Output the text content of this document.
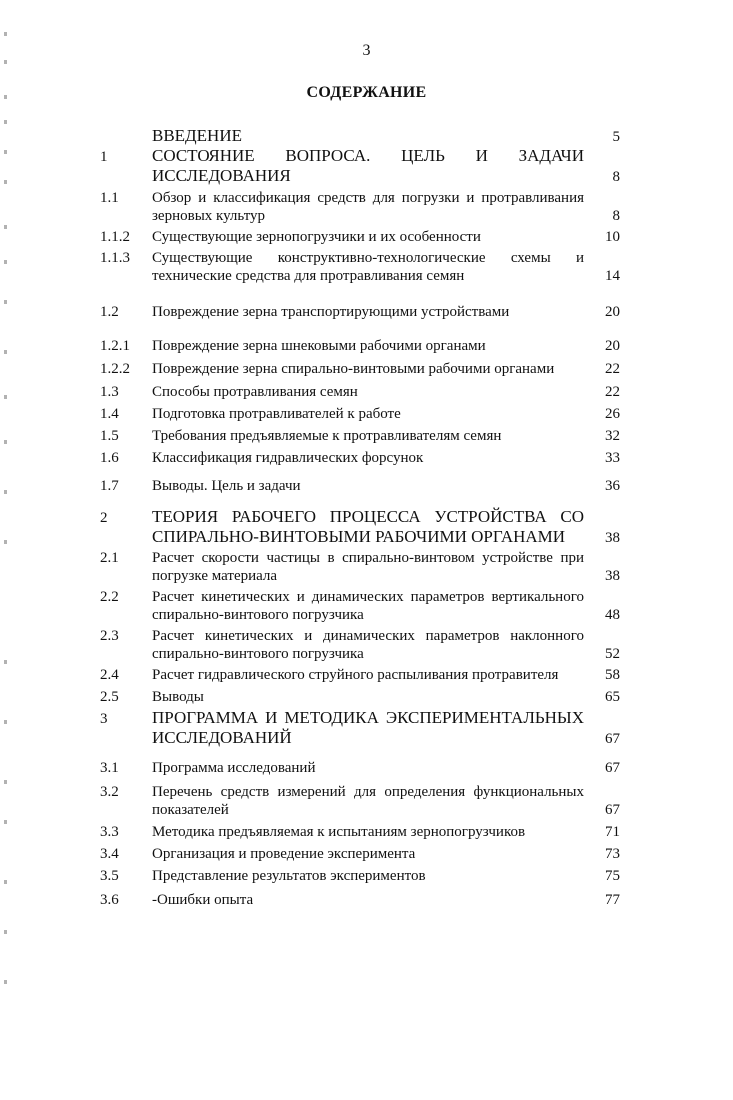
3
СОДЕРЖАНИЕ
ВВЕДЕНИЕ	5
1	СОСТОЯНИЕ ВОПРОСА. ЦЕЛЬ И ЗАДАЧИ ИССЛЕДОВАНИЯ	8
1.1	Обзор и классификация средств для погрузки и протравливания зерновых культур	8
1.1.2	Существующие зернопогрузчики и их особенности	10
1.1.3	Существующие конструктивно-технологические схемы и технические средства для протравливания семян	14
1.2	Повреждение зерна транспортирующими устройствами	20
1.2.1	Повреждение зерна шнековыми рабочими органами	20
1.2.2	Повреждение зерна спирально-винтовыми рабочими органами	22
1.3	Способы протравливания семян	22
1.4	Подготовка протравливателей к работе	26
1.5	Требования предъявляемые к протравливателям семян	32
1.6	Классификация гидравлических форсунок	33
1.7	Выводы. Цель и задачи	36
2	ТЕОРИЯ РАБОЧЕГО ПРОЦЕССА УСТРОЙСТВА СО СПИРАЛЬНО-ВИНТОВЫМИ РАБОЧИМИ ОРГАНАМИ	38
2.1	Расчет скорости частицы в спирально-винтовом устройстве при погрузке материала	38
2.2	Расчет кинетических и динамических параметров вертикального спирально-винтового погрузчика	48
2.3	Расчет кинетических и динамических параметров наклонного спирально-винтового погрузчика	52
2.4	Расчет гидравлического струйного распыливания протравителя	58
2.5	Выводы	65
3	ПРОГРАММА И МЕТОДИКА ЭКСПЕРИМЕНТАЛЬНЫХ ИССЛЕДОВАНИЙ	67
3.1	Программа исследований	67
3.2	Перечень средств измерений для определения функциональных показателей	67
3.3	Методика предъявляемая к испытаниям зернопогрузчиков	71
3.4	Организация и проведение эксперимента	73
3.5	Представление результатов экспериментов	75
3.6	-Ошибки опыта	77
